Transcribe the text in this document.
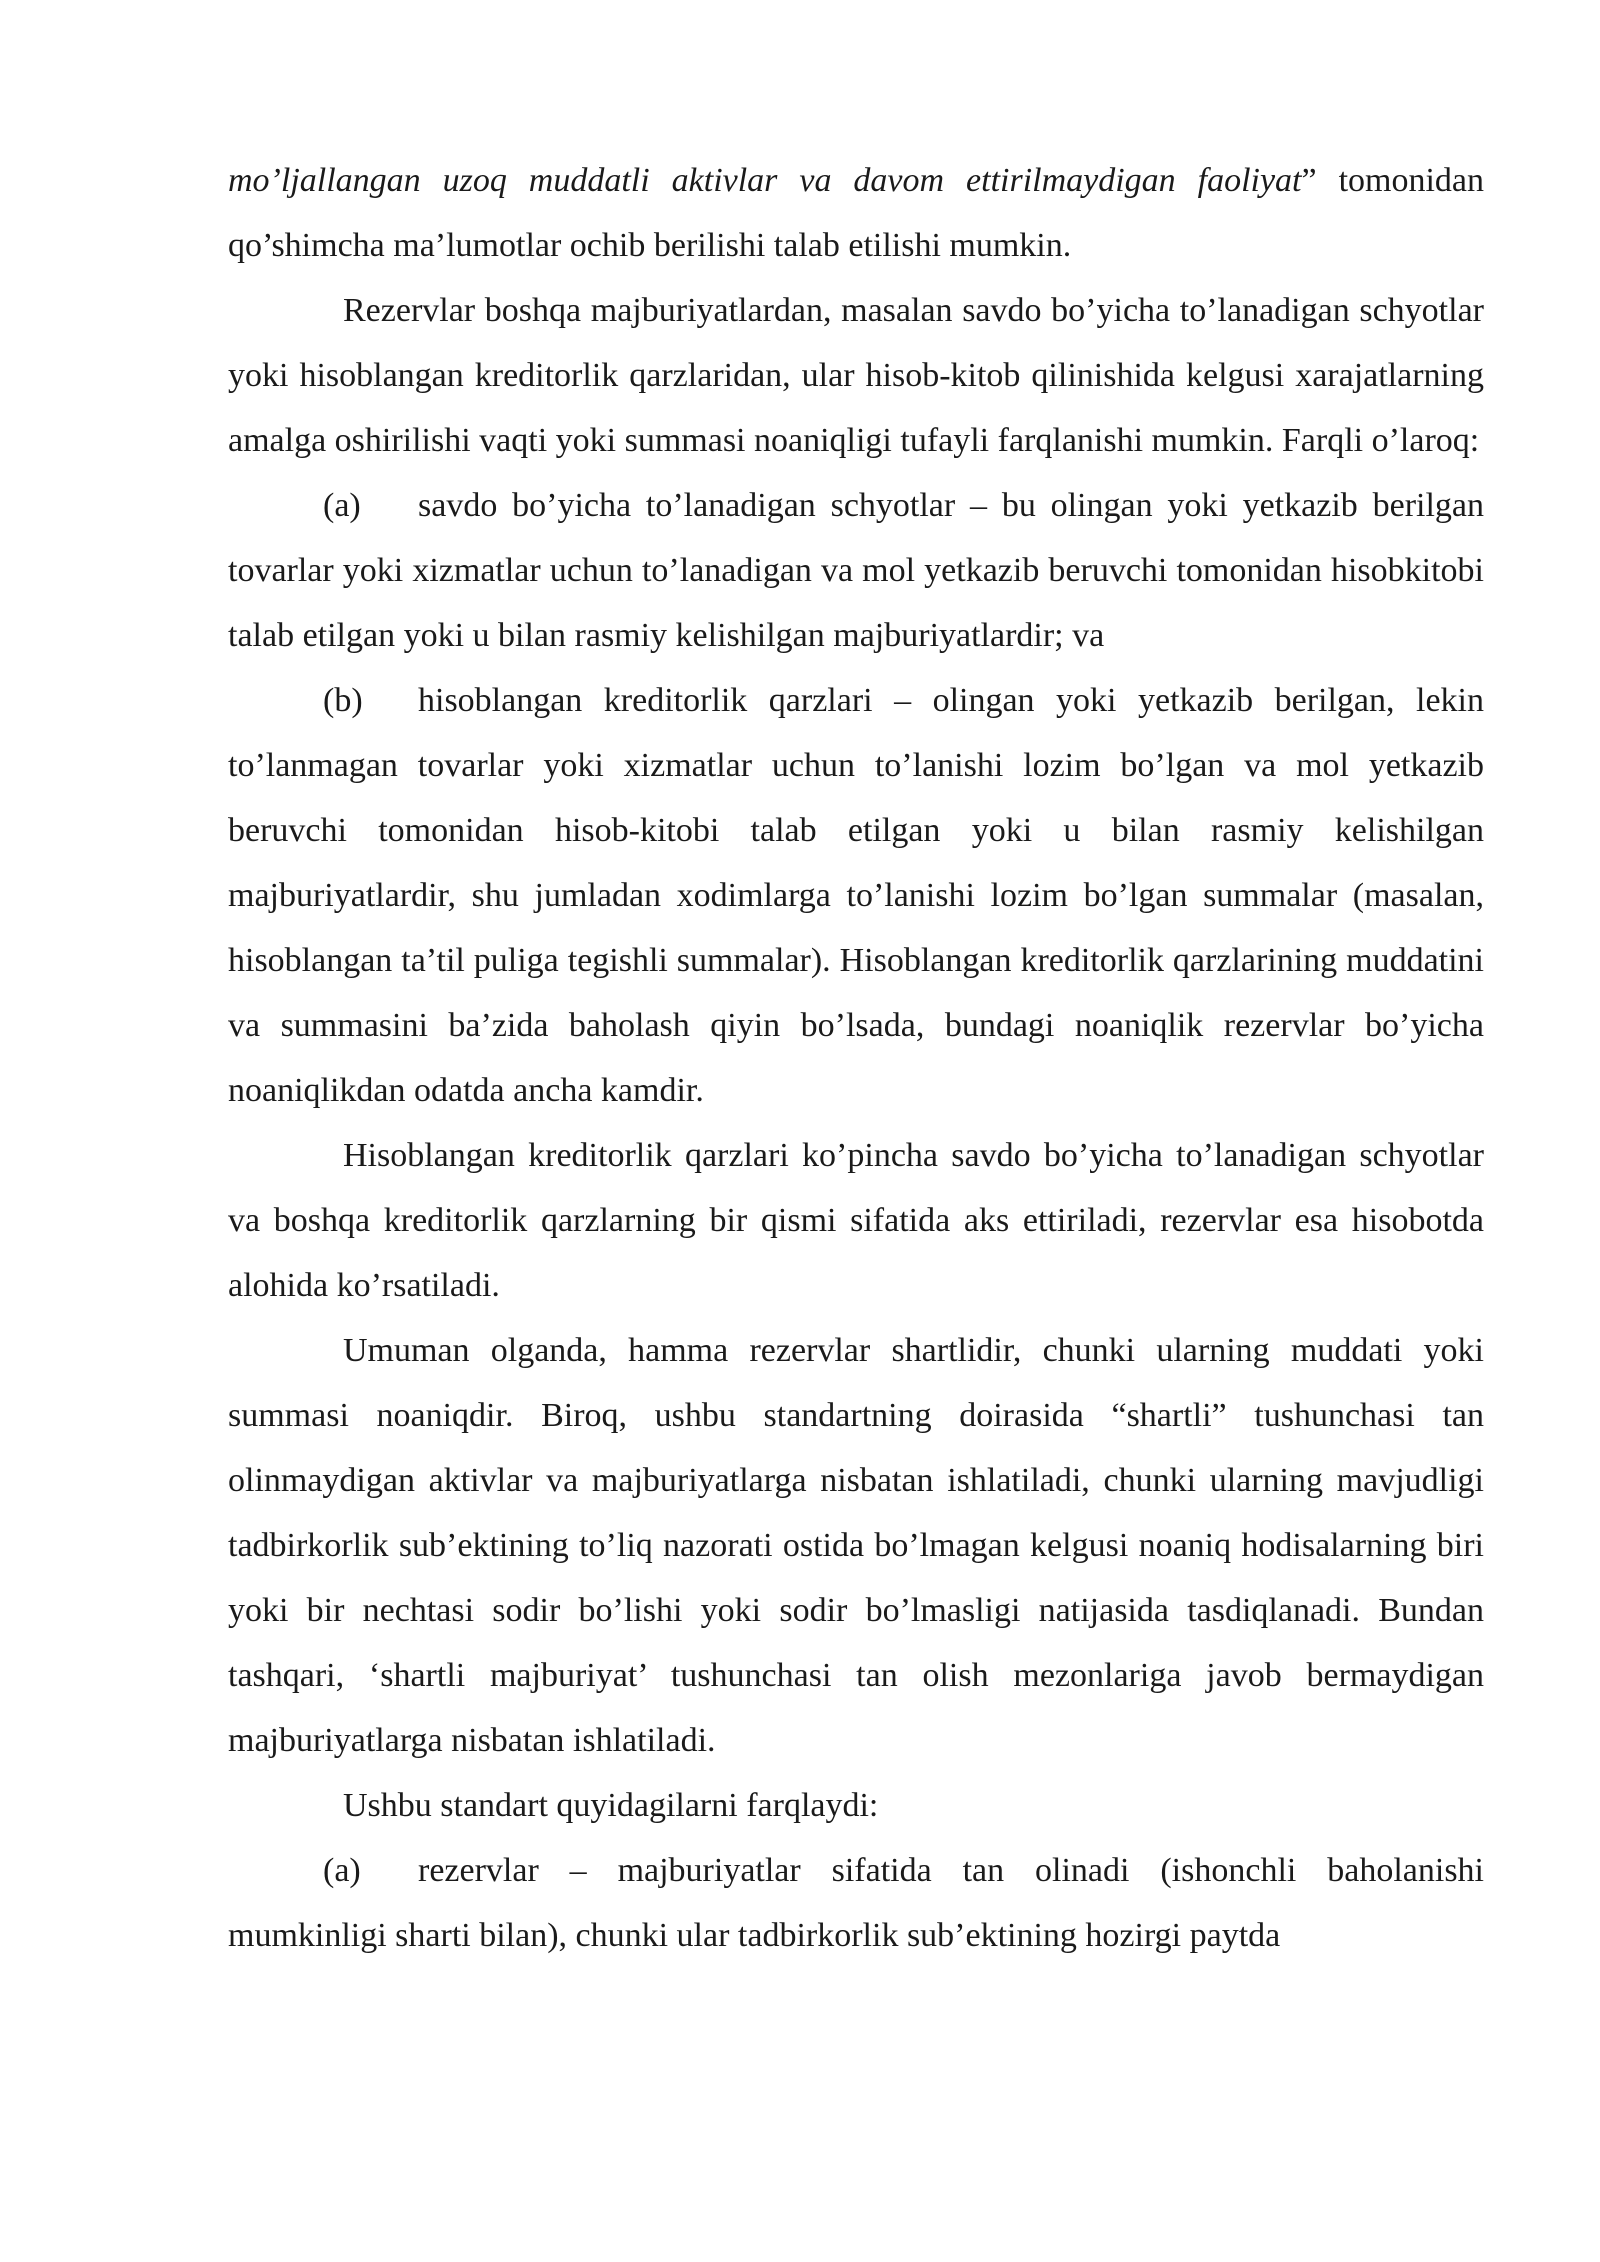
mo’ljallangan uzoq muddatli aktivlar va davom ettirilmaydigan faoliyat” tomonidan qo’shimcha ma’lumotlar ochib berilishi talab etilishi mumkin.

Rezervlar boshqa majburiyatlardan, masalan savdo bo’yicha to’lanadigan schyotlar yoki hisoblangan kreditorlik qarzlaridan, ular hisob-kitob qilinishida kelgusi xarajatlarning amalga oshirilishi vaqti yoki summasi noaniqligi tufayli farqlanishi mumkin. Farqli o’laroq:

(a) savdo bo’yicha to’lanadigan schyotlar – bu olingan yoki yetkazib berilgan tovarlar yoki xizmatlar uchun to’lanadigan va mol yetkazib beruvchi tomonidan hisobkitobi talab etilgan yoki u bilan rasmiy kelishilgan majburiyatlardir; va

(b) hisoblangan kreditorlik qarzlari – olingan yoki yetkazib berilgan, lekin to’lanmagan tovarlar yoki xizmatlar uchun to’lanishi lozim bo’lgan va mol yetkazib beruvchi tomonidan hisob-kitobi talab etilgan yoki u bilan rasmiy kelishilgan majburiyatlardir, shu jumladan xodimlarga to’lanishi lozim bo’lgan summalar (masalan, hisoblangan ta’til puliga tegishli summalar). Hisoblangan kreditorlik qarzlarining muddatini va summasini ba’zida baholash qiyin bo’lsada, bundagi noaniqlik rezervlar bo’yicha noaniqlikdan odatda ancha kamdir.

Hisoblangan kreditorlik qarzlari ko’pincha savdo bo’yicha to’lanadigan schyotlar va boshqa kreditorlik qarzlarning bir qismi sifatida aks ettiriladi, rezervlar esa hisobotda alohida ko’rsatiladi.

Umuman olganda, hamma rezervlar shartlidir, chunki ularning muddati yoki summasi noaniqdir. Biroq, ushbu standartning doirasida “shartli” tushunchasi tan olinmaydigan aktivlar va majburiyatlarga nisbatan ishlatiladi, chunki ularning mavjudligi tadbirkorlik sub’ektining to’liq nazorati ostida bo’lmagan kelgusi noaniq hodisalarning biri yoki bir nechtasi sodir bo’lishi yoki sodir bo’lmasligi natijasida tasdiqlanadi. Bundan tashqari, ‘shartli majburiyat’ tushunchasi tan olish mezonlariga javob bermaydigan majburiyatlarga nisbatan ishlatiladi.

Ushbu standart quyidagilarni farqlaydi:

(a) rezervlar – majburiyatlar sifatida tan olinadi (ishonchli baholanishi mumkinligi sharti bilan), chunki ular tadbirkorlik sub’ektining hozirgi paytda
